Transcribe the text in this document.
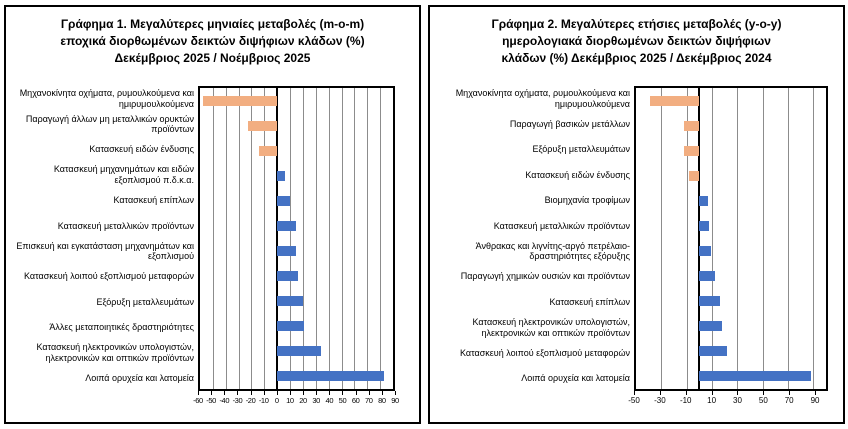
Γράφημα 1. Μεγαλύτερες μηνιαίες μεταβολές (m-o-m)
εποχικά διορθωμένων δεικτών διψήφιων κλάδων (%)
Δεκέμβριος 2025 / Νοέμβριος 2025
Μηχανοκίνητα οχήματα, ρυμουλκούμενα και ημιρυμουλκούμενα
Παραγωγή άλλων μη μεταλλικών ορυκτών προϊόντων
Κατασκευή ειδών ένδυσης
Κατασκευή μηχανημάτων και ειδών εξοπλισμού π.δ.κ.α.
Κατασκευή επίπλων
Κατασκευή μεταλλικών προϊόντων
Επισκευή και εγκατάσταση μηχανημάτων και εξοπλισμού
Κατασκευή λοιπού εξοπλισμού μεταφορών
Εξόρυξη μεταλλευμάτων
Άλλες μεταποιητικές δραστηριότητες
Κατασκευή ηλεκτρονικών υπολογιστών, ηλεκτρονικών και οπτικών προϊόντων
Λοιπά ορυχεία και λατομεία
-60 -50 -40 -30 -20 -10 0 10 20 30 40 50 60 70 80 90
Γράφημα 2. Μεγαλύτερες ετήσιες μεταβολές (y-o-y)
ημερολογιακά διορθωμένων δεικτών διψήφιων
κλάδων (%) Δεκέμβριος 2025 / Δεκέμβριος 2024
Μηχανοκίνητα οχήματα, ρυμουλκούμενα και ημιρυμουλκούμενα
Παραγωγή βασικών μετάλλων
Εξόρυξη μεταλλευμάτων
Κατασκευή ειδών ένδυσης
Βιομηχανία τροφίμων
Κατασκευή μεταλλικών προϊόντων
Άνθρακας και λιγνίτης-αργό πετρέλαιο-δραστηριότητες εξόρυξης
Παραγωγή χημικών ουσιών και προϊόντων
Κατασκευή επίπλων
Κατασκευή ηλεκτρονικών υπολογιστών, ηλεκτρονικών και οπτικών προϊόντων
Κατασκευή λοιπού εξοπλισμού μεταφορών
Λοιπά ορυχεία και λατομεία
-50 -30 -10 10 30 50 70 90
